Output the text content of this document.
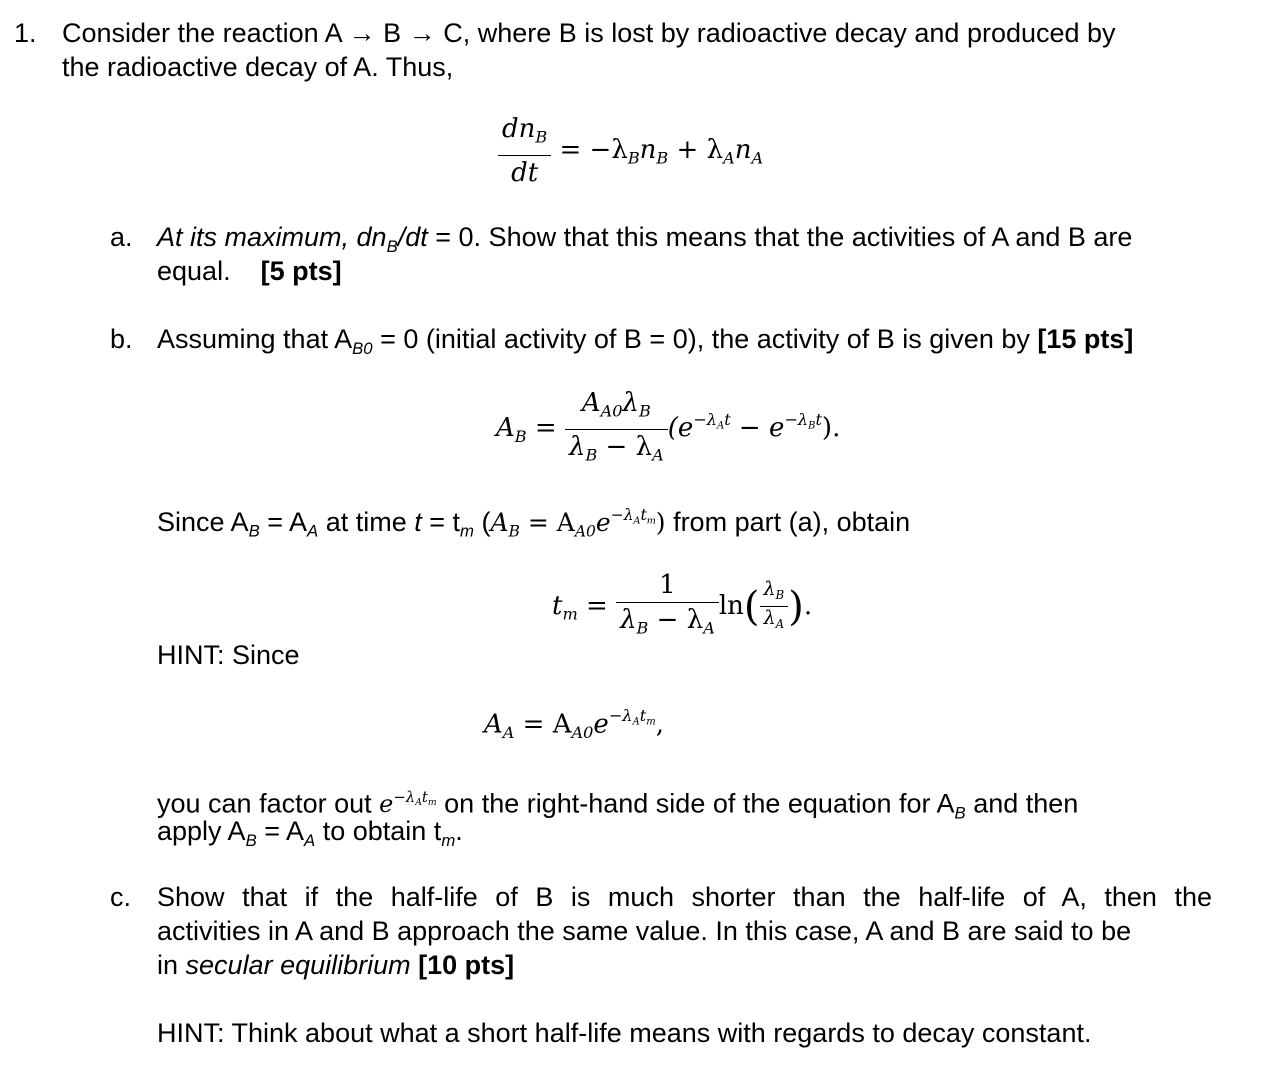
1. Consider the reaction A → B → C, where B is lost by radioactive decay and produced by
the radioactive decay of A. Thus,
$\frac{dn_B}{dt} = -\lambda_Bn_B + \lambda_An_A$
a. At its maximum, $dn_B/dt = 0$. Show that this means that the activities of A and B are
equal. [5 pts]
b. Assuming that $A_{B0} = 0$ (initial activity of B = 0), the activity of B is given by [15 pts]
$A_B = \frac{A_{A0}\lambda_B}{\lambda_B - \lambda_A} (e^{-\lambda_At} - e^{-\lambda_Bt})$.
Since $A_B = A_A$ at time $t = t_m$ $(A_B = A_{A0}e^{-\lambda_At_m})$ from part (a), obtain
$t_m = \frac{1}{\lambda_B - \lambda_A} \ln( \frac{\lambda_B}{\lambda_A}$ ).
HINT: Since
$A_A = A_{A0}e^{-\lambda_At_m}$,
you can factor out $e^{-\lambda_At_m}$ on the right-hand side of the equation for $A_B$ and then
apply $A_B = A_A$ to obtain $t_m$.
c. Show that if the half-life of B is much shorter than the half-life of A, then the
activities in A and B approach the same value. In this case, A and B are said to be
in secular equilibrium [10 pts]
HINT: Think about what a short half-life means with regards to decay constant.
